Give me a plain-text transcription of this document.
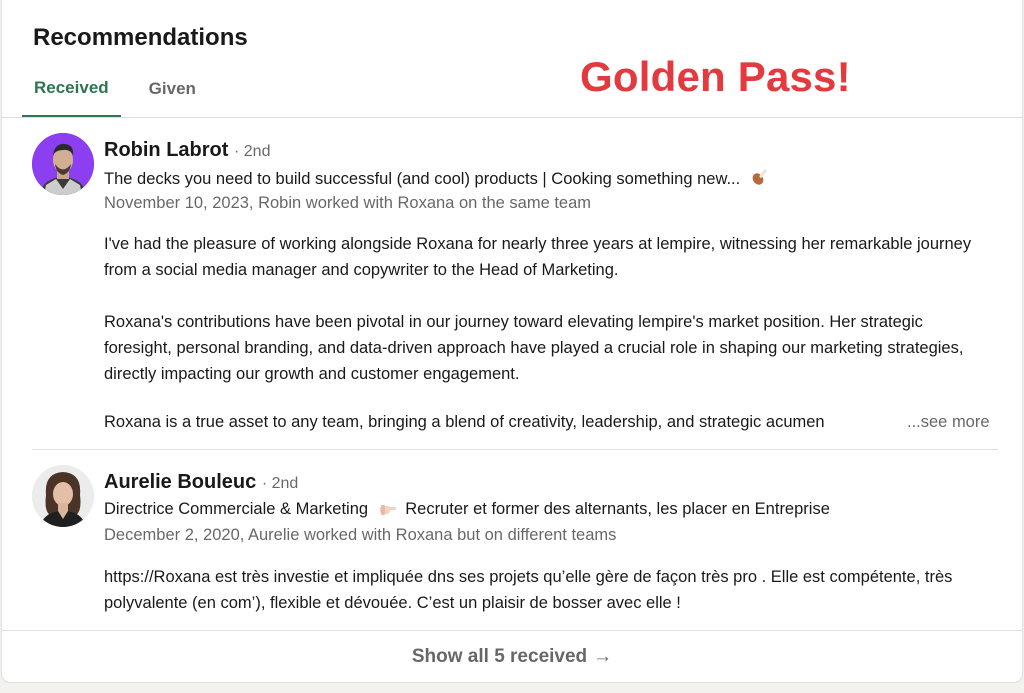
Recommendations
Golden Pass!
Received	Given
Robin Labrot · 2nd
The decks you need to build successful (and cool) products | Cooking something new...
November 10, 2023, Robin worked with Roxana on the same team

I've had the pleasure of working alongside Roxana for nearly three years at lempire, witnessing her remarkable journey from a social media manager and copywriter to the Head of Marketing.

Roxana's contributions have been pivotal in our journey toward elevating lempire's market position. Her strategic foresight, personal branding, and data-driven approach have played a crucial role in shaping our marketing strategies, directly impacting our growth and customer engagement.

Roxana is a true asset to any team, bringing a blend of creativity, leadership, and strategic acumen	...see more
Aurelie Bouleuc · 2nd
Directrice Commerciale & Marketing Recruter et former des alternants, les placer en Entreprise
December 2, 2020, Aurelie worked with Roxana but on different teams

https://Roxana est très investie et impliquée dns ses projets qu’elle gère de façon très pro . Elle est compétente, très polyvalente (en com’), flexible et dévouée. C’est un plaisir de bosser avec elle !

Show all 5 received →
